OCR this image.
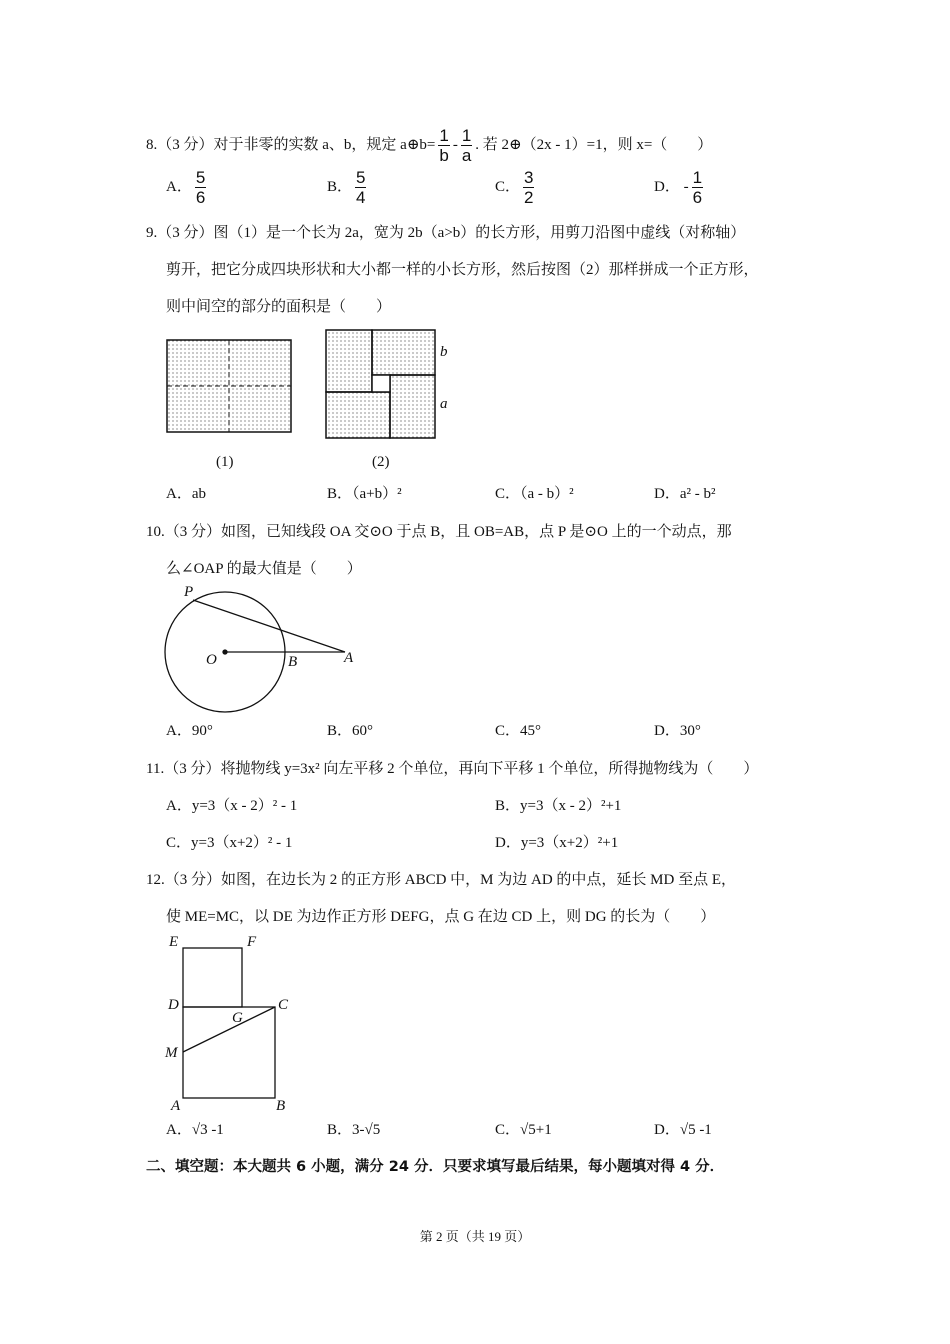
8.（3 分）对于非零的实数 a、b，规定 a⊕b= $\frac{1}{b} - \frac{1}{a}$ . 若 2⊕（2x - 1）=1，则 x=（　　）
A． $\frac{5}{6}$	B． $\frac{5}{4}$	C． $\frac{3}{2}$	D． - $\frac{1}{6}$
9.（3 分）图（1）是一个长为 2a，宽为 2b（a>b）的长方形，用剪刀沿图中虚线（对称轴）
剪开，把它分成四块形状和大小都一样的小长方形，然后按图（2）那样拼成一个正方形，
则中间空的部分的面积是（　　）
(1)	(2)
b
a
A．ab	B．（a+b）²	C．（a - b）²	D．a² - b²
10.（3 分）如图，已知线段 OA 交⊙O 于点 B，且 OB=AB，点 P 是⊙O 上的一个动点，那
么∠OAP 的最大值是（　　）
P
O	B	A
A．90°	B．60°	C．45°	D．30°
11.（3 分）将抛物线 y=3x² 向左平移 2 个单位，再向下平移 1 个单位，所得抛物线为（　　）
A．y=3（x - 2）² - 1	B．y=3（x - 2）²+1
C．y=3（x+2）² - 1	D．y=3（x+2）²+1
12.（3 分）如图，在边长为 2 的正方形 ABCD 中，M 为边 AD 的中点，延长 MD 至点 E，
使 ME=MC，以 DE 为边作正方形 DEFG，点 G 在边 CD 上，则 DG 的长为（　　）
E	F
D
G
C
M
A	B
A．√3 -1	B．3-√5	C．√5+1	D．√5 -1
二、填空题：本大题共 6 小题，满分 24 分．只要求填写最后结果，每小题填对得 4 分．
第 2 页（共 19 页）
